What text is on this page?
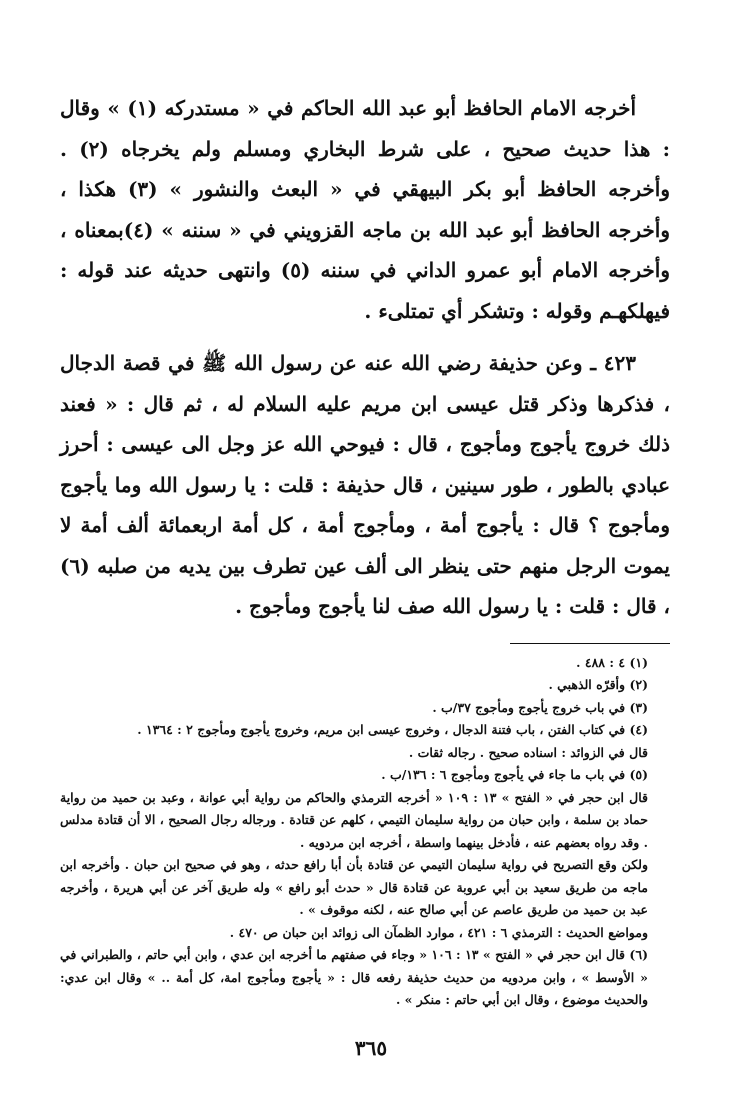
أخرجه الامام الحافظ أبو عبد الله الحاكم في « مستدركه (١) » وقال : هذا حديث صحيح ، على شرط البخاري ومسلم ولم يخرجاه (٢) . وأخرجه الحافظ أبو بكر البيهقي في « البعث والنشور » (٣) هكذا ، وأخرجه الحافظ أبو عبد الله بن ماجه القزويني في « سننه » (٤)بمعناه ، وأخرجه الامام أبو عمرو الداني في سننه (٥) وانتهى حديثه عند قوله : فيهلكهـم وقوله : وتشكر أي تمتلىء .

٤٢٣ ـ وعن حذيفة رضي الله عنه عن رسول الله ﷺ في قصة الدجال ، فذكرها وذكر قتل عيسى ابن مريم عليه السلام له ، ثم قال : « فعند ذلك خروج يأجوج ومأجوج ، قال : فيوحي الله عز وجل الى عيسى : أحرز عبادي بالطور ، طور سينين ، قال حذيفة : قلت : يا رسول الله وما يأجوج ومأجوج ؟ قال : يأجوج أمة ، ومأجوج أمة ، كل أمة اربعمائة ألف أمة لا يموت الرجل منهم حتى ينظر الى ألف عين تطرف بين يديه من صلبه (٦) ، قال : قلت : يا رسول الله صف لنا يأجوج ومأجوج .

(١) ٤ : ٤٨٨ .

(٢) وأقرّه الذهبي .

(٣) في باب خروج يأجوج ومأجوج ٣٧/ب .

(٤) في كتاب الفتن ، باب فتنة الدجال ، وخروج عيسى ابن مريم، وخروج يأجوج ومأجوج ٢ : ١٣٦٤ .

قال في الزوائد : اسناده صحيح . رجاله ثقات .

(٥) في باب ما جاء في يأجوج ومأجوج ٦ : ١٣٦/ب .

قال ابن حجر في « الفتح » ١٣ : ١٠٩ « أخرجه الترمذي والحاكم من رواية أبي عوانة ، وعبد بن حميد من رواية حماد بن سلمة ، وابن حبان من رواية سليمان التيمي ، كلهم عن قتادة . ورجاله رجال الصحيح ، الا أن قتادة مدلس . وقد رواه بعضهم عنه ، فأدخل بينهما واسطة ، أخرجه ابن مردويه .

ولكن وقع التصريح في رواية سليمان التيمي عن قتادة بأن أبا رافع حدثه ، وهو في صحيح ابن حبان . وأخرجه ابن ماجه من طريق سعيد بن أبي عروبة عن قتادة قال « حدث أبو رافع » وله طريق آخر عن أبي هريرة ، وأخرجه عبد بن حميد من طريق عاصم عن أبي صالح عنه ، لكنه موقوف » .

ومواضع الحديث : الترمذي ٦ : ٤٢١ ، موارد الظمآن الى زوائد ابن حبان ص ٤٧٠ .

(٦) قال ابن حجر في « الفتح » ١٣ : ١٠٦ « وجاء في صفتهم ما أخرجه ابن عدي ، وابن أبي حاتم ، والطبراني في « الأوسط » ، وابن مردويه من حديث حذيفة رفعه قال : « يأجوج ومأجوج امة، كل أمة .. » وقال ابن عدي: والحديث موضوع ، وقال ابن أبي حاتم : منكر » .

٣٦٥
